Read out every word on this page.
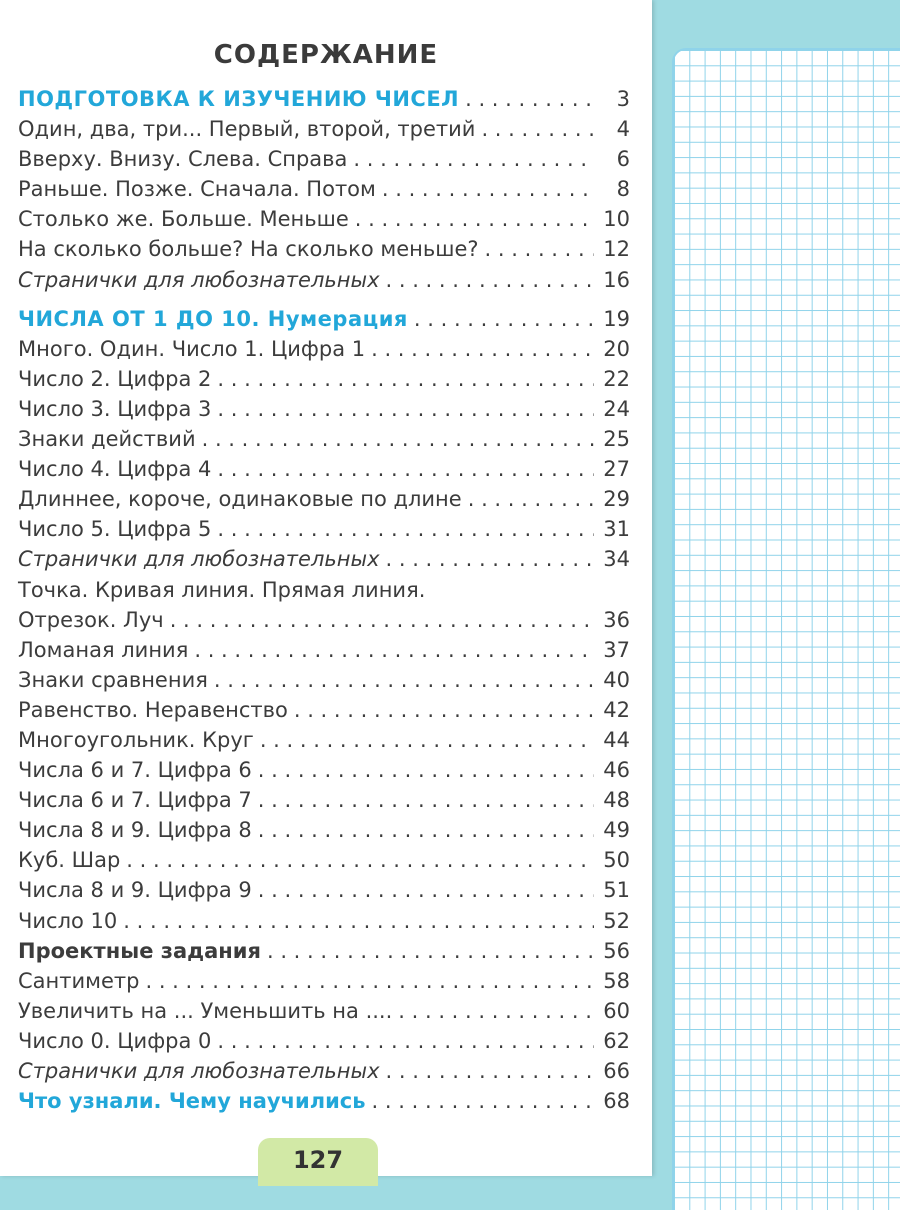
СОДЕРЖАНИЕ
ПОДГОТОВКА К ИЗУЧЕНИЮ ЧИСЕЛ . . .	3
Один, два, три... Первый, второй, третий . . .	4
Вверху. Внизу. Слева. Справа . . .	6
Раньше. Позже. Сначала. Потом . . .	8
Столько же. Больше. Меньше . . .	10
На сколько больше? На сколько меньше? . . .	12
Странички для любознательных . . .	16
ЧИСЛА ОТ 1 ДО 10. Нумерация . . .	19
Много. Один. Число 1. Цифра 1 . . .	20
Число 2. Цифра 2 . . .	22
Число 3. Цифра 3 . . .	24
Знаки действий . . .	25
Число 4. Цифра 4 . . .	27
Длиннее, короче, одинаковые по длине . . .	29
Число 5. Цифра 5 . . .	31
Странички для любознательных . . .	34
Точка. Кривая линия. Прямая линия.
Отрезок. Луч . . .	36
Ломаная линия . . .	37
Знаки сравнения . . .	40
Равенство. Неравенство . . .	42
Многоугольник. Круг . . .	44
Числа 6 и 7. Цифра 6 . . .	46
Числа 6 и 7. Цифра 7 . . .	48
Числа 8 и 9. Цифра 8 . . .	49
Куб. Шар . . .	50
Числа 8 и 9. Цифра 9 . . .	51
Число 10 . . .	52
Проектные задания . . .	56
Сантиметр . . .	58
Увеличить на ... Уменьшить на .... . . .	60
Число 0. Цифра 0 . . .	62
Странички для любознательных . . .	66
Что узнали. Чему научились . . .	68
127
